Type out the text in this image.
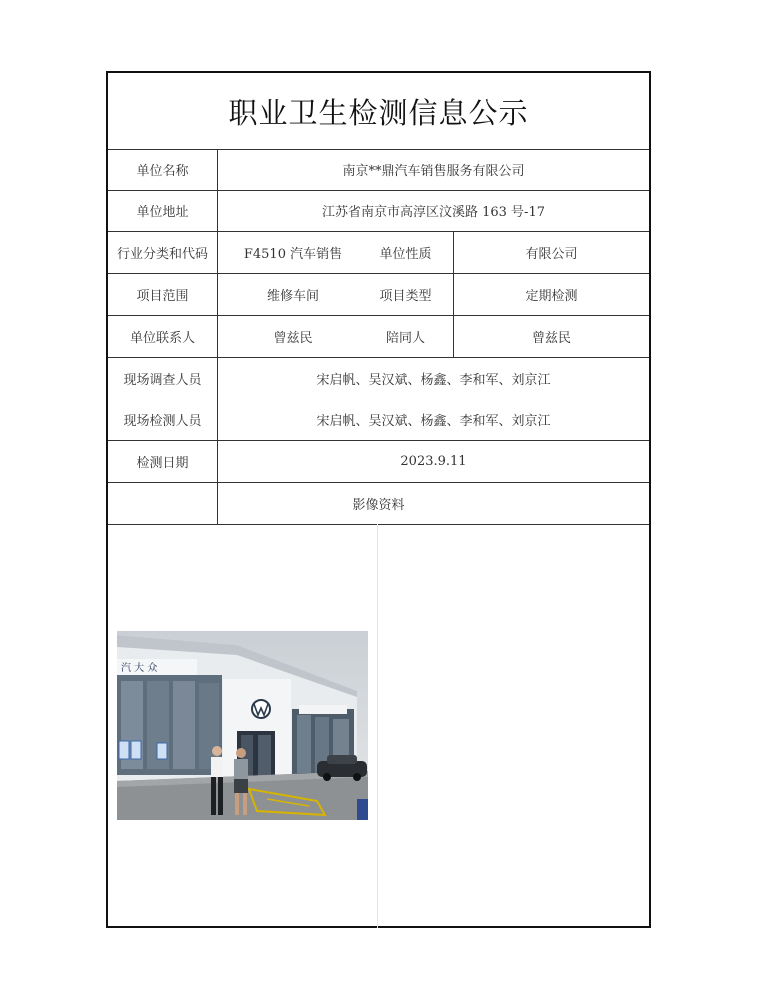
职业卫生检测信息公示
单位名称	南京**鼎汽车销售服务有限公司
单位地址	江苏省南京市高淳区汶溪路 163 号-17
行业分类和代码	F4510 汽车销售	单位性质	有限公司
项目范围	维修车间	项目类型	定期检测
单位联系人	曾兹民	陪同人	曾兹民
现场调查人员	宋启帆、吴汉斌、杨鑫、李和军、刘京江
现场检测人员	宋启帆、吴汉斌、杨鑫、李和军、刘京江
检测日期	2023.9.11
影像资料
汽 大 众
